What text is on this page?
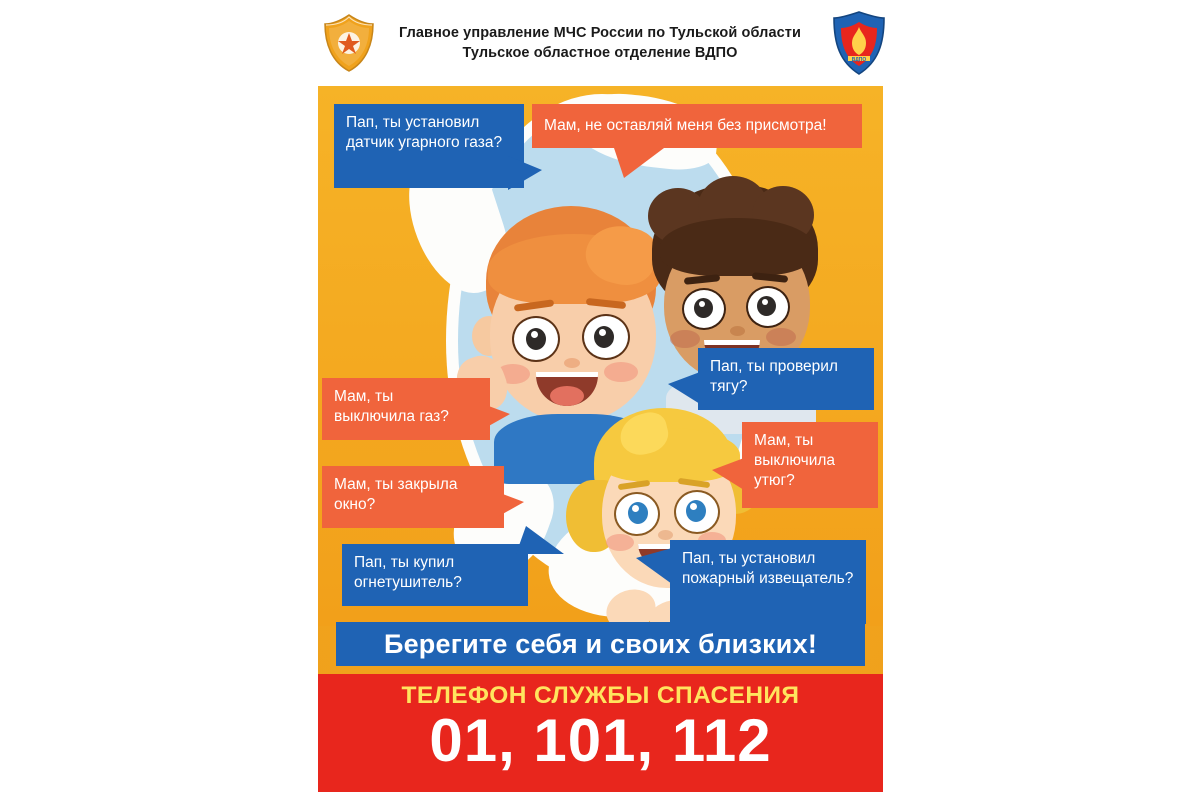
Главное управление МЧС России по Тульской области
Тульское областное отделение ВДПО	ВДПО
Пап, ты установил датчик угарного газа?
Мам, не оставляй меня без присмотра!
Мам, ты выключила газ?
Пап, ты проверил тягу?
Мам, ты закрыла окно?
Мам, ты выключила утюг?
Пап, ты купил огнетушитель?
Пап, ты установил пожарный извещатель?
Берегите себя и своих близких!
ТЕЛЕФОН СЛУЖБЫ СПАСЕНИЯ
01, 101, 112
